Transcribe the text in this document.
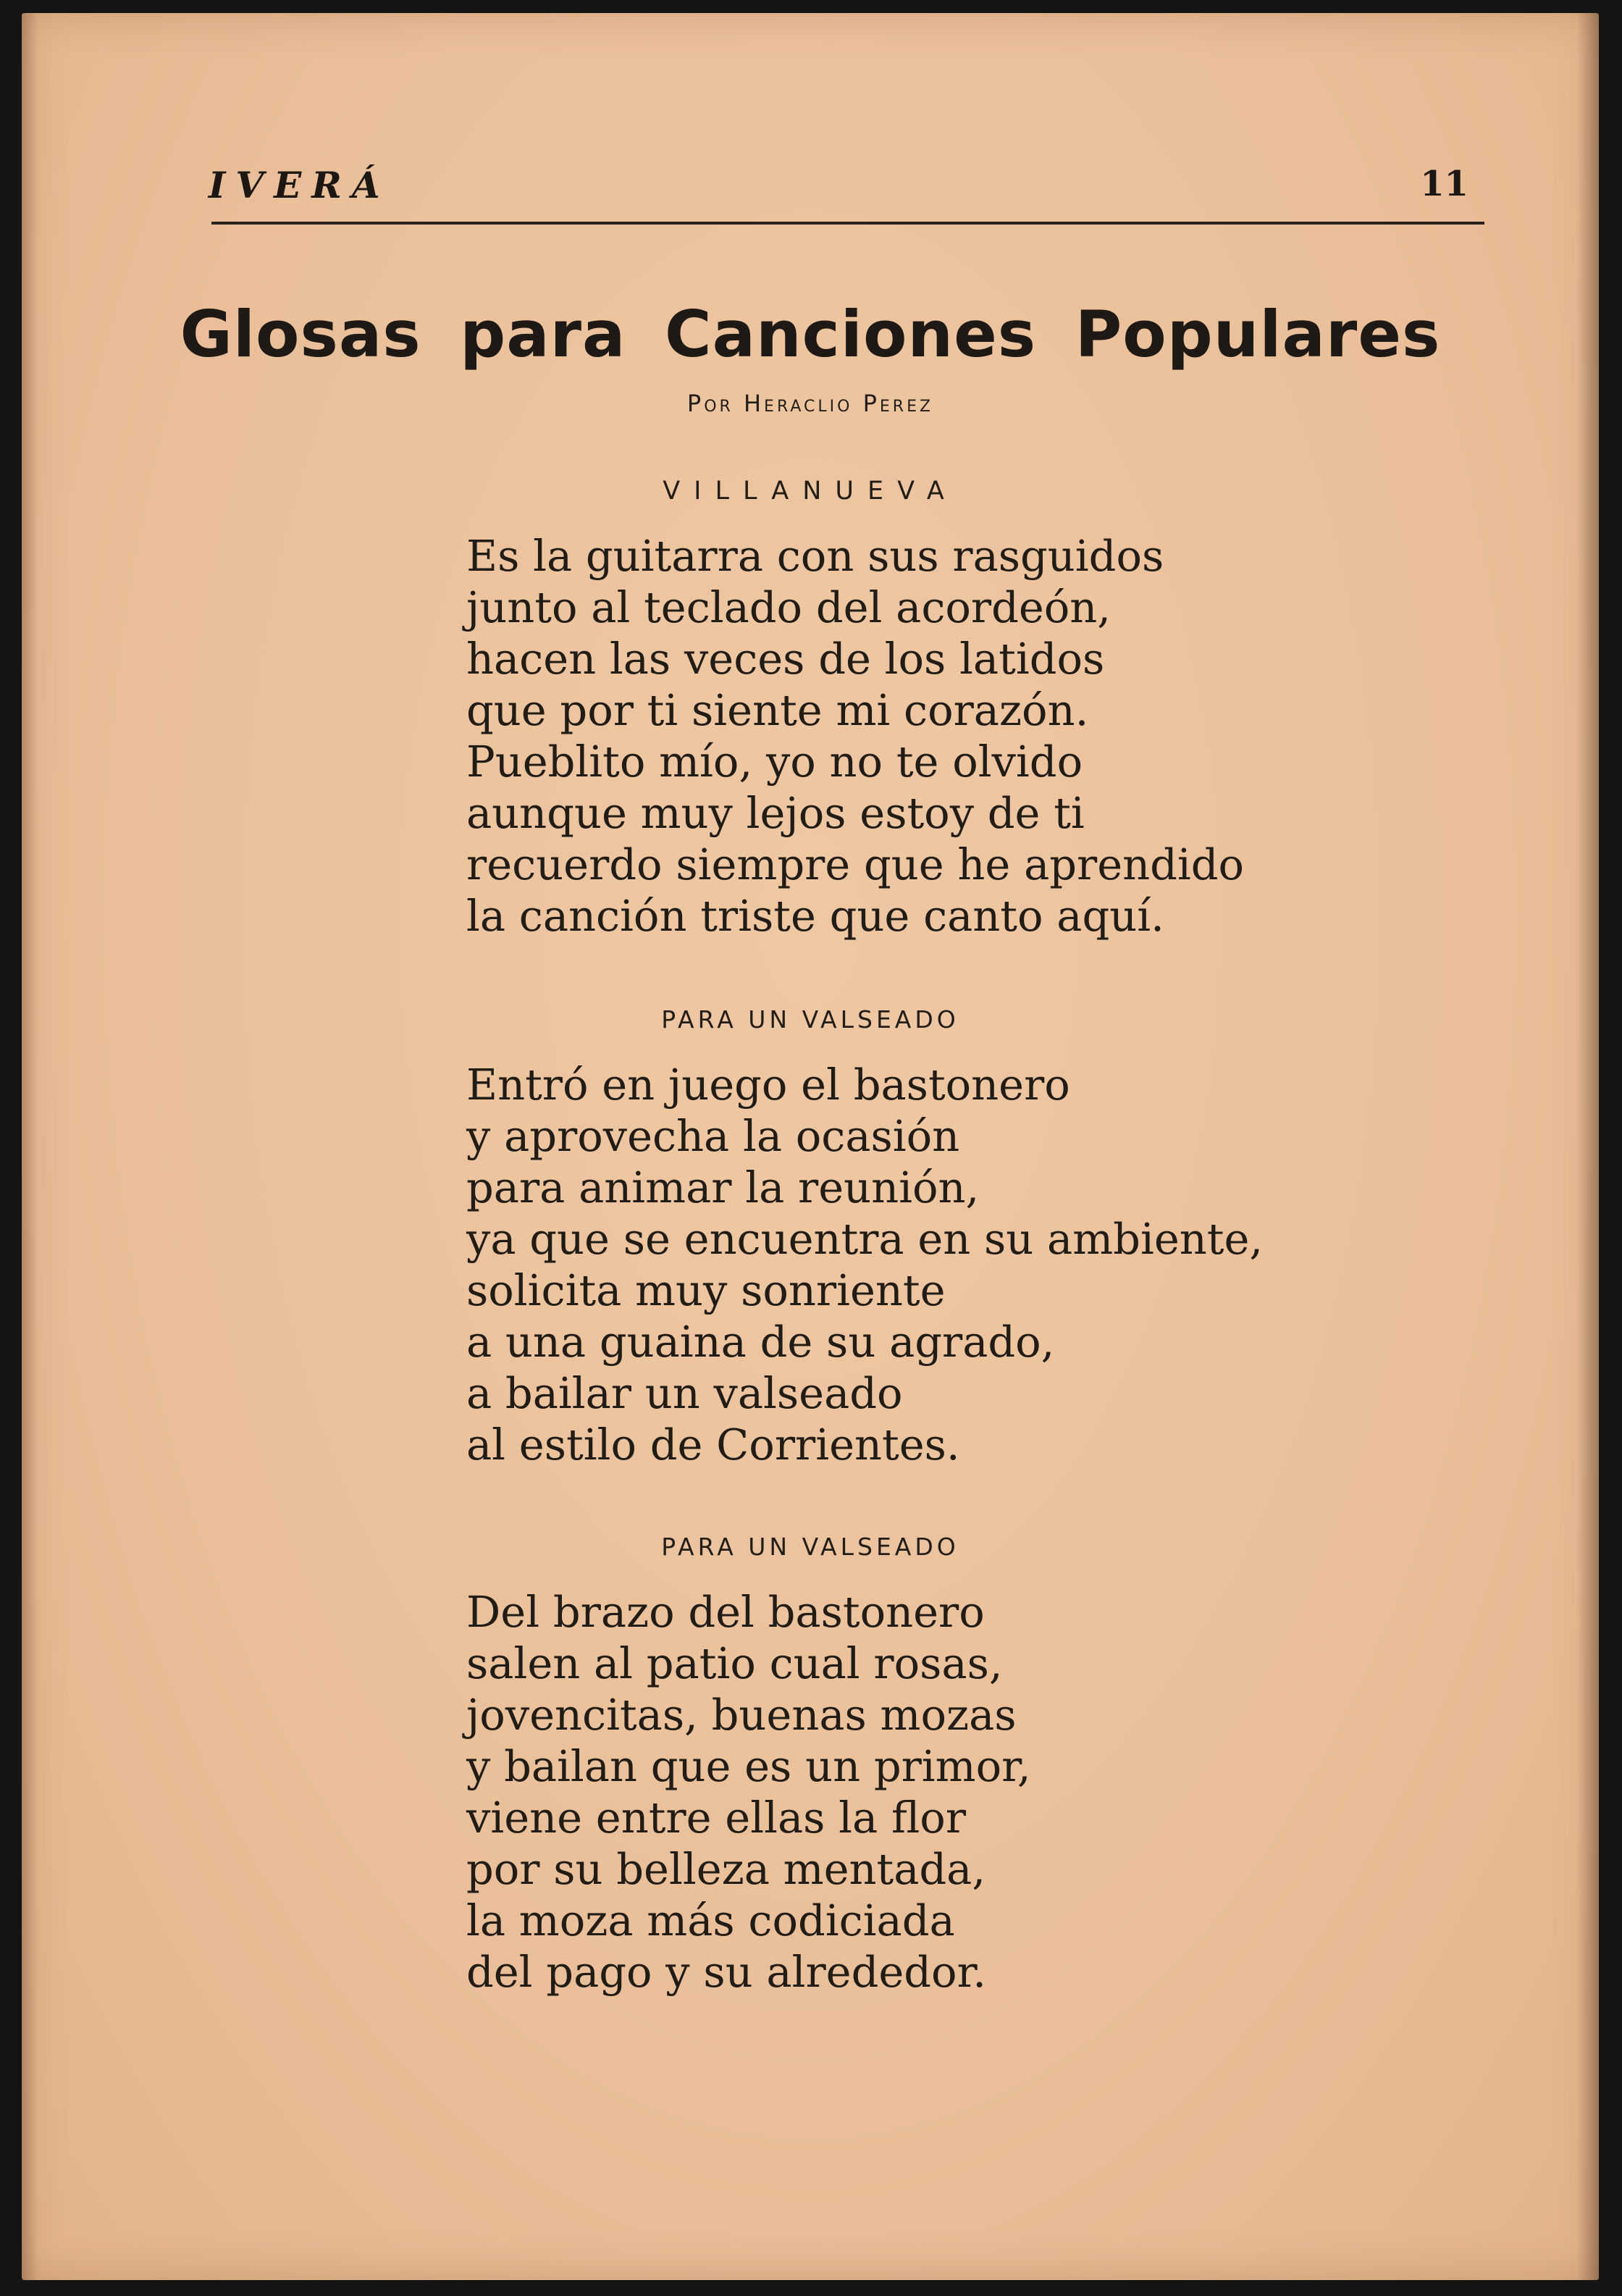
IVERÁ	11
Glosas para Canciones Populares
Por Heraclio Perez
VILLANUEVA
Es la guitarra con sus rasguidos
junto al teclado del acordeón,
hacen las veces de los latidos
que por ti siente mi corazón.
Pueblito mío, yo no te olvido
aunque muy lejos estoy de ti
recuerdo siempre que he aprendido
la canción triste que canto aquí.
PARA UN VALSEADO
Entró en juego el bastonero
y aprovecha la ocasión
para animar la reunión,
ya que se encuentra en su ambiente,
solicita muy sonriente
a una guaina de su agrado,
a bailar un valseado
al estilo de Corrientes.
PARA UN VALSEADO
Del brazo del bastonero
salen al patio cual rosas,
jovencitas, buenas mozas
y bailan que es un primor,
viene entre ellas la flor
por su belleza mentada,
la moza más codiciada
del pago y su alrededor.
